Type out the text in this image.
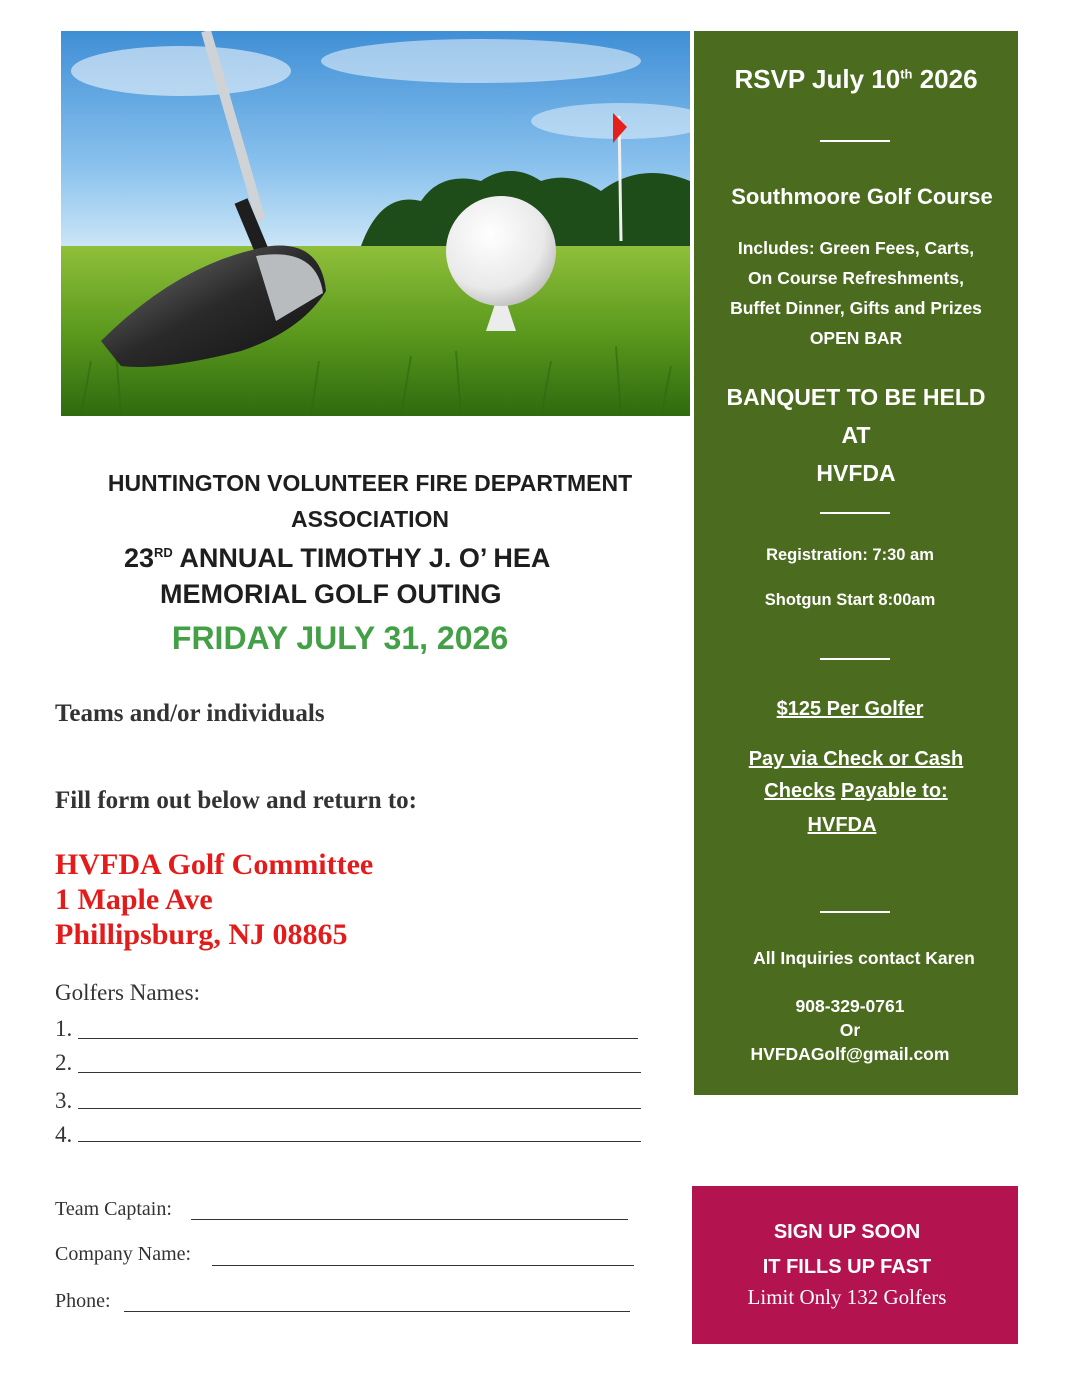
HUNTINGTON VOLUNTEER FIRE DEPARTMENT
ASSOCIATION
23RD ANNUAL TIMOTHY J. O’ HEA
MEMORIAL GOLF OUTING
FRIDAY JULY 31, 2026
Teams and/or individuals
Fill form out below and return to:
HVFDA Golf Committee
1 Maple Ave
Phillipsburg, NJ 08865
Golfers Names:
1.
2.
3.
4.
Team Captain:
Company Name:
Phone:
RSVP July 10th 2026
Southmoore Golf Course
Includes: Green Fees, Carts,
On Course Refreshments,
Buffet Dinner, Gifts and Prizes
OPEN BAR
BANQUET TO BE HELD
AT
HVFDA
Registration: 7:30 am
Shotgun Start 8:00am
$125 Per Golfer
Pay via Check or Cash
Checks Payable to:
HVFDA
All Inquiries contact Karen
908-329-0761
Or
HVFDAGolf@gmail.com
SIGN UP SOON
IT FILLS UP FAST
Limit Only 132 Golfers
